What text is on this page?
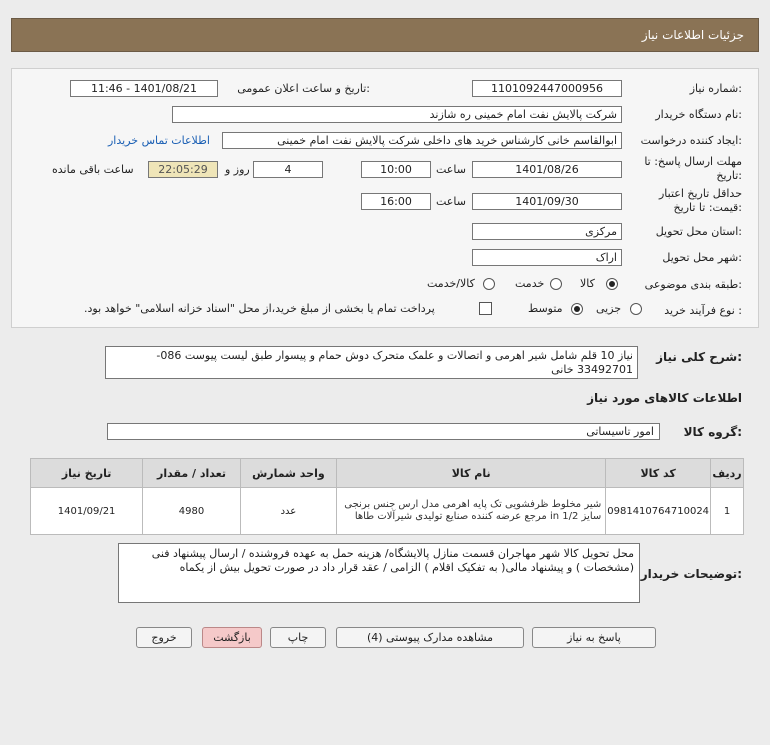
جزئیات اطلاعات نیاز
شماره نیاز:
1101092447000956
تاریخ و ساعت اعلان عمومی:
1401/08/21 - 11:46
نام دستگاه خریدار:
شرکت پالایش نفت امام خمینی ره شازند
ایجاد کننده درخواست:
ابوالقاسم خانی کارشناس خرید های داخلی شرکت پالایش نفت امام خمینی
اطلاعات تماس خریدار
مهلت ارسال پاسخ: تا
تاریخ:
1401/08/26
ساعت
10:00
4
روز و
22:05:29
ساعت باقی مانده
حداقل تاریخ اعتبار
قیمت: تا تاریخ:
1401/09/30
ساعت
16:00
استان محل تحویل:
مرکزی
شهر محل تحویل:
اراک
طبقه بندی موضوعی:
کالا
خدمت
کالا/خدمت
نوع فرآیند خرید :
جزیی
متوسط
پرداخت تمام یا بخشی از مبلغ خرید،از محل "اسناد خزانه اسلامی" خواهد بود.
شرح کلی نیاز:
نیاز 10 قلم شامل شیر اهرمی و اتصالات و علمک متحرک دوش حمام و پیسوار طبق لیست پیوست 086-33492701 خانی
اطلاعات کالاهای مورد نیاز
گروه کالا:
امور تاسیساتی
ردیف	کد کالا	نام کالا	واحد شمارش	تعداد / مقدار	تاریخ نیاز
1	0981410764710024	شیر مخلوط ظرفشویی تک پایه اهرمی مدل ارس جنس برنجی سایز in 1/2 مرجع عرضه کننده صنایع تولیدی شیرآلات طاها	عدد	4980	1401/09/21
توضیحات خریدار:
محل تحویل کالا شهر مهاجران قسمت منازل پالایشگاه/ هزینه حمل به عهده فروشنده / ارسال پیشنهاد فنی (مشخصات ) و پیشنهاد مالی( به تفکیک اقلام ) الزامی / عقد قرار داد در صورت تحویل بیش از یکماه
پاسخ به نیاز
مشاهده مدارک پیوستی (4)
چاپ
بازگشت
خروج
